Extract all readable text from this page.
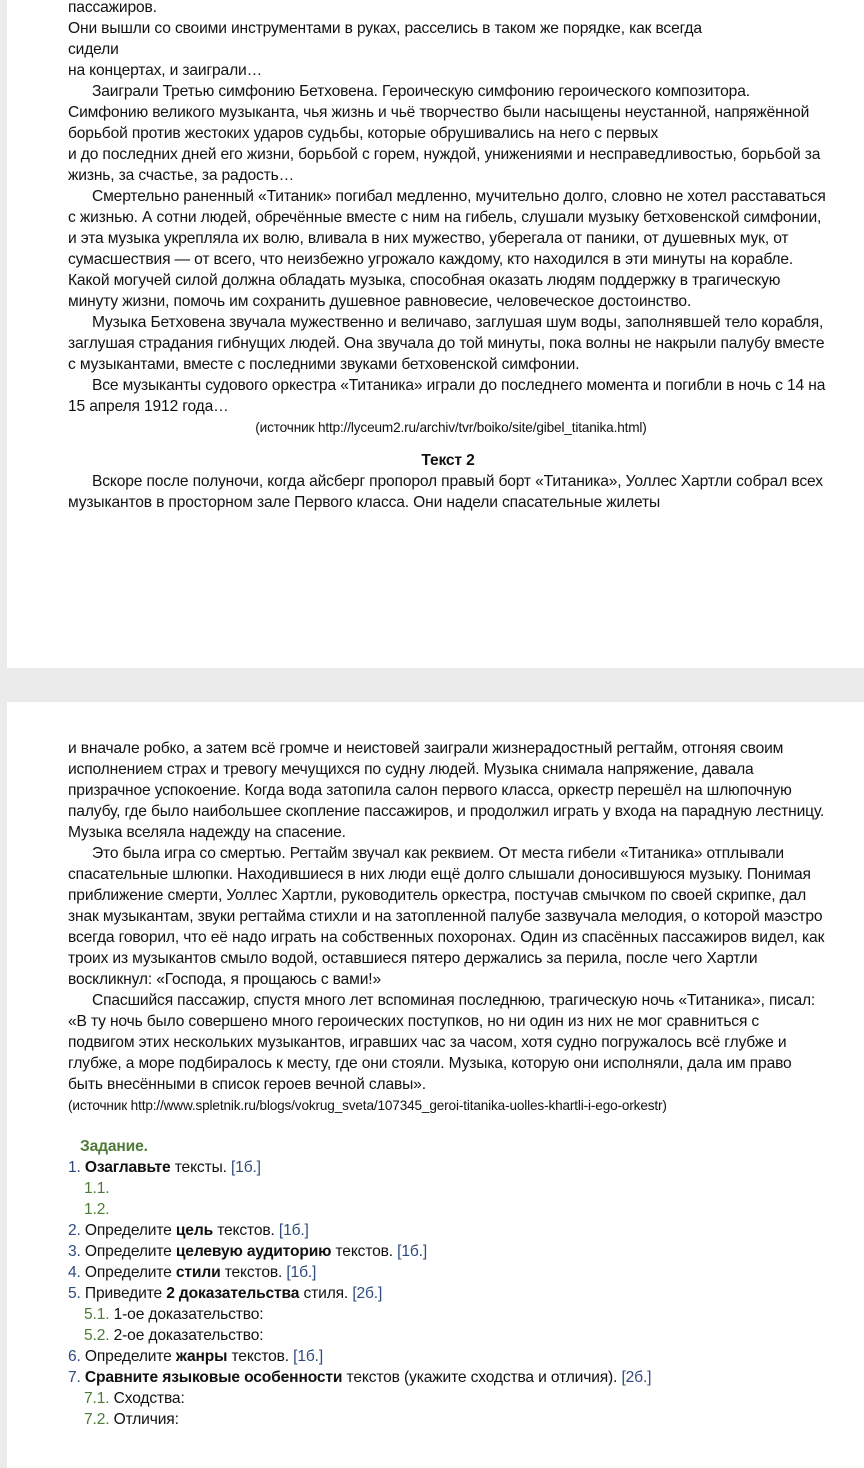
пассажиров.

Они вышли со своими инструментами в руках, расселись в таком же порядке, как всегда

сидели

на концертах, и заиграли…

Заиграли Третью симфонию Бетховена. Героическую симфонию героического композитора. Симфонию великого музыканта, чья жизнь и чьё творчество были насыщены неустанной, напряжённой борьбой против жестоких ударов судьбы, которые обрушивались на него с первых

и до последних дней его жизни, борьбой с горем, нуждой, унижениями и несправедливостью, борьбой за жизнь, за счастье, за радость…

Смертельно раненный «Титаник» погибал медленно, мучительно долго, словно не хотел расставаться с жизнью. А сотни людей, обречённые вместе с ним на гибель, слушали музыку бетховенской симфонии, и эта музыка укрепляла их волю, вливала в них мужество, уберегала от паники, от душевных мук, от сумасшествия — от всего, что неизбежно угрожало каждому, кто находился в эти минуты на корабле. Какой могучей силой должна обладать музыка, способная оказать людям поддержку в трагическую минуту жизни, помочь им сохранить душевное равновесие, человеческое достоинство.

Музыка Бетховена звучала мужественно и величаво, заглушая шум воды, заполнявшей тело корабля, заглушая страдания гибнущих людей. Она звучала до той минуты, пока волны не накрыли палубу вместе с музыкантами, вместе с последними звуками бетховенской симфонии.

Все музыканты судового оркестра «Титаника» играли до последнего момента и погибли в ночь с 14 на 15 апреля 1912 года…

(источник http://lyceum2.ru/archiv/tvr/boiko/site/gibel_titanika.html)

Текст 2

Вскоре после полуночи, когда айсберг пропорол правый борт «Титаника», Уоллес Хартли собрал всех музыкантов в просторном зале Первого класса. Они надели спасательные жилеты

и вначале робко, а затем всё громче и неистовей заиграли жизнерадостный регтайм, отгоняя своим исполнением страх и тревогу мечущихся по судну людей. Музыка снимала напряжение, давала призрачное успокоение. Когда вода затопила салон первого класса, оркестр перешёл на шлюпочную палубу, где было наибольшее скопление пассажиров, и продолжил играть у входа на парадную лестницу. Музыка вселяла надежду на спасение.

Это была игра со смертью. Регтайм звучал как реквием. От места гибели «Титаника» отплывали спасательные шлюпки. Находившиеся в них люди ещё долго слышали доносившуюся музыку. Понимая приближение смерти, Уоллес Хартли, руководитель оркестра, постучав смычком по своей скрипке, дал знак музыкантам, звуки регтайма стихли и на затопленной палубе зазвучала мелодия, о которой маэстро всегда говорил, что её надо играть на собственных похоронах. Один из спасённых пассажиров видел, как троих из музыкантов смыло водой, оставшиеся пятеро держались за перила, после чего Хартли воскликнул: «Господа, я прощаюсь с вами!»

Спасшийся пассажир, спустя много лет вспоминая последнюю, трагическую ночь «Титаника», писал: «В ту ночь было совершено много героических поступков, но ни один из них не мог сравниться с подвигом этих нескольких музыкантов, игравших час за часом, хотя судно погружалось всё глубже и глубже, а море подбиралось к месту, где они стояли. Музыка, которую они исполняли, дала им право быть внесёнными в список героев вечной славы».

(источник http://www.spletnik.ru/blogs/vokrug_sveta/107345_geroi-titanika-uolles-khartli-i-ego-orkestr)

Задание.

1. Озаглавьте тексты. [1б.]

1.1.

1.2.

2. Определите цель текстов. [1б.]

3. Определите целевую аудиторию текстов. [1б.]

4. Определите стили текстов. [1б.]

5. Приведите 2 доказательства стиля. [2б.]

5.1. 1-ое доказательство:

5.2. 2-ое доказательство:

6. Определите жанры текстов. [1б.]

7. Сравните языковые особенности текстов (укажите сходства и отличия). [2б.]

7.1. Сходства:

7.2. Отличия:
